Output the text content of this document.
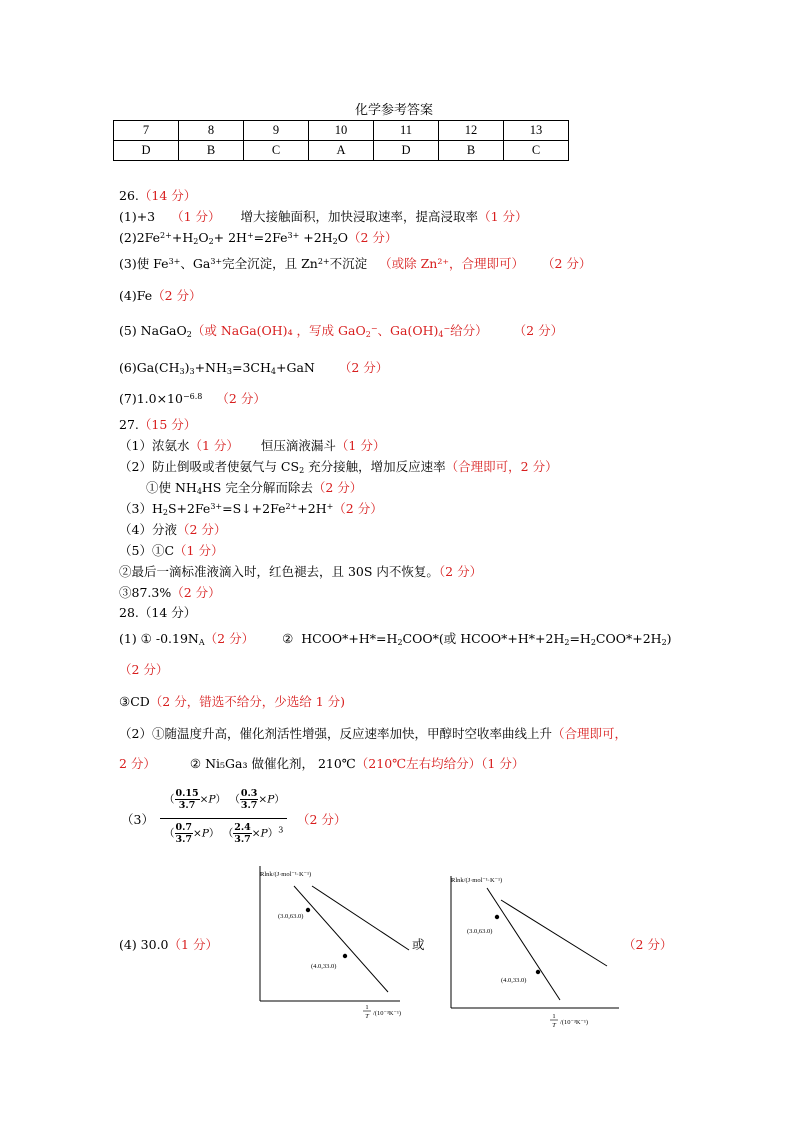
化学参考答案
7	8	9	10	11	12	13
D	B	C	A	D	B	C
26.（14 分）
(1)+3 （1 分） 增大接触面积，加快浸取速率，提高浸取率（1 分）
$(2)2Fe^{2+}+H_2O_2+ 2H^+=2Fe^{3+} +2H_2O(2$ 分）
(3)使 $Fe^{3+}$、$Ga^{3+}$完全沉淀，且 $Zn^{2+}$不沉淀 （或除 Zn²⁺，合理即可） （2 分）
(4)Fe（2 分）
(5) NaGaO$_2$（或 NaGa(OH)₄ ，写成 GaO$_2$−、$Ga(OH)_4^-$给分） （2 分）
$(6)Ga(CH_3)_3+NH_3=3CH_4+GaN$ （2 分）
$(7)1.0\times 10^{-6.8}$ （2 分）
27.（15 分）
（1）浓氨水（1 分） 恒压滴液漏斗（1 分）
（2）防止倒吸或者使氨气与 $CS_2$ 充分接触，增加反应速率（合理即可，2 分）
①使 $NH_4HS$ 完全分解而除去（2 分）
$(3)H_2S+2Fe^{3+}=S↓+2Fe^{2+}+2H^+(2$ 分）
（4）分液（2 分）
（5）①C（1 分）
②最后一滴标准液滴入时，红色褪去，且 30S 内不恢复。（2 分）
③87.3%（2 分）
28.（14 分）
(1) ① $-0.19N_A(2$ 分） ②  $HCOO*+H*=H_2COO*$(或 $HCOO*+H*+2H_2=H_2COO*+2H_2$)
（2 分）
③CD（2 分，错选不给分，少选给 1 分)
（2）①随温度升高，催化剂活性增强，反应速率加快，甲醇时空收率曲线上升（合理即可，
2 分）	② Ni₅Ga₃ 做催化剂， 210℃（210℃左右均给分）（1 分）
（3）
（ $\frac{0.15}{3.7} \times P$） （ $\frac{0.3}{3.7} \times P$）
（ $\frac{0.7}{3.7} \times P$） （ $\frac{2.4}{3.7} \times P)^3$
（2 分）
(4) 30.0（1 分）	或	（2 分）
Rlnk/(J·mol⁻¹·K⁻¹)
(3.0,63.0)
(4.0,33.0)
1
T /(10⁻³K⁻¹)
Rlnk/(J·mol⁻¹·K⁻¹)
(3.0,63.0)
(4.0,33.0)
1
T /(10⁻³K⁻¹)
